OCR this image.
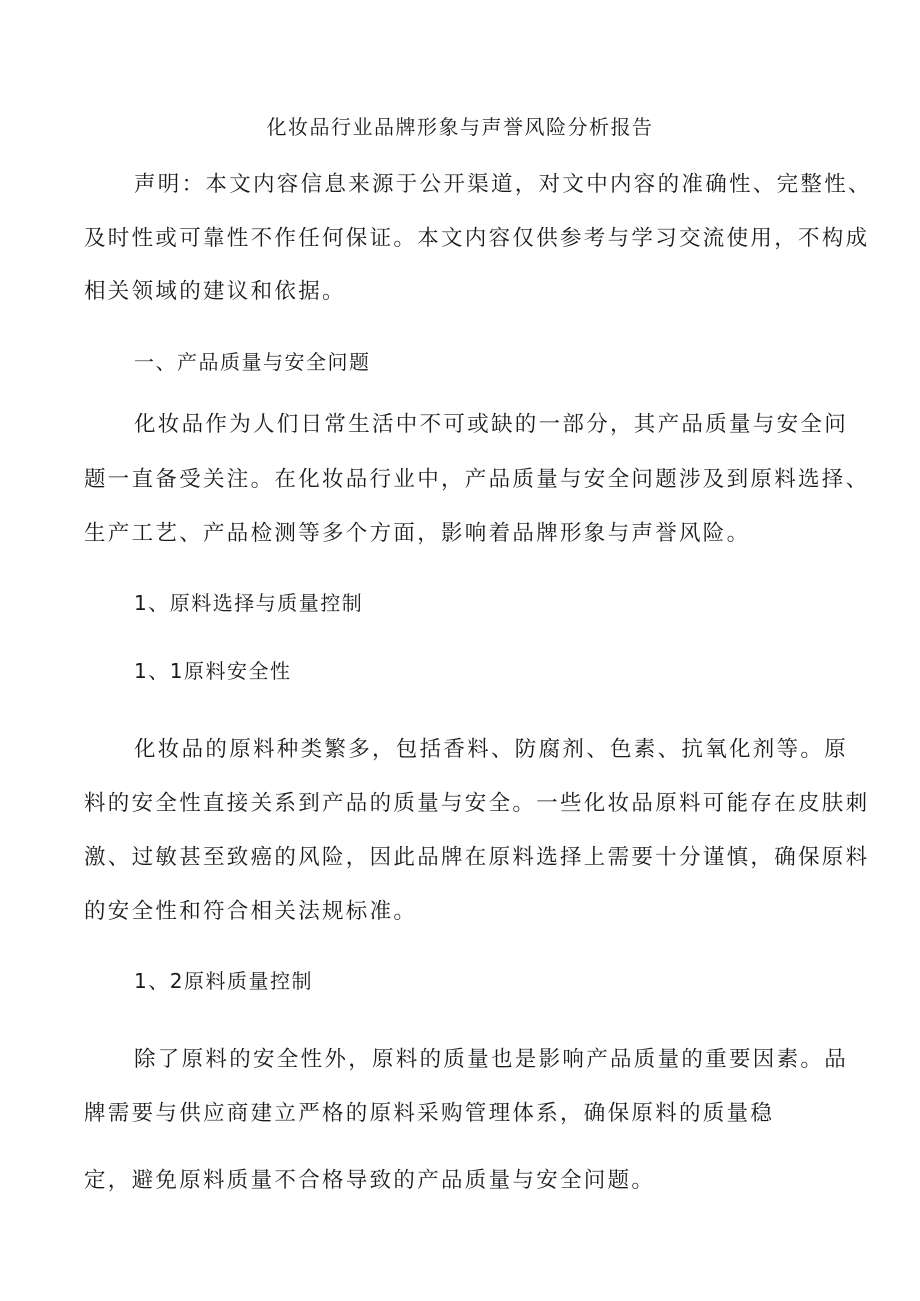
化妆品行业品牌形象与声誉风险分析报告
声明：本文内容信息来源于公开渠道，对文中内容的准确性、完整性、
及时性或可靠性不作任何保证。本文内容仅供参考与学习交流使用，不构成
相关领域的建议和依据。
一、产品质量与安全问题
化妆品作为人们日常生活中不可或缺的一部分，其产品质量与安全问
题一直备受关注。在化妆品行业中，产品质量与安全问题涉及到原料选择、
生产工艺、产品检测等多个方面，影响着品牌形象与声誉风险。
1、原料选择与质量控制
1、1原料安全性
化妆品的原料种类繁多，包括香料、防腐剂、色素、抗氧化剂等。原
料的安全性直接关系到产品的质量与安全。一些化妆品原料可能存在皮肤刺
激、过敏甚至致癌的风险，因此品牌在原料选择上需要十分谨慎，确保原料
的安全性和符合相关法规标准。
1、2原料质量控制
除了原料的安全性外，原料的质量也是影响产品质量的重要因素。品
牌需要与供应商建立严格的原料采购管理体系，确保原料的质量稳
定，避免原料质量不合格导致的产品质量与安全问题。
